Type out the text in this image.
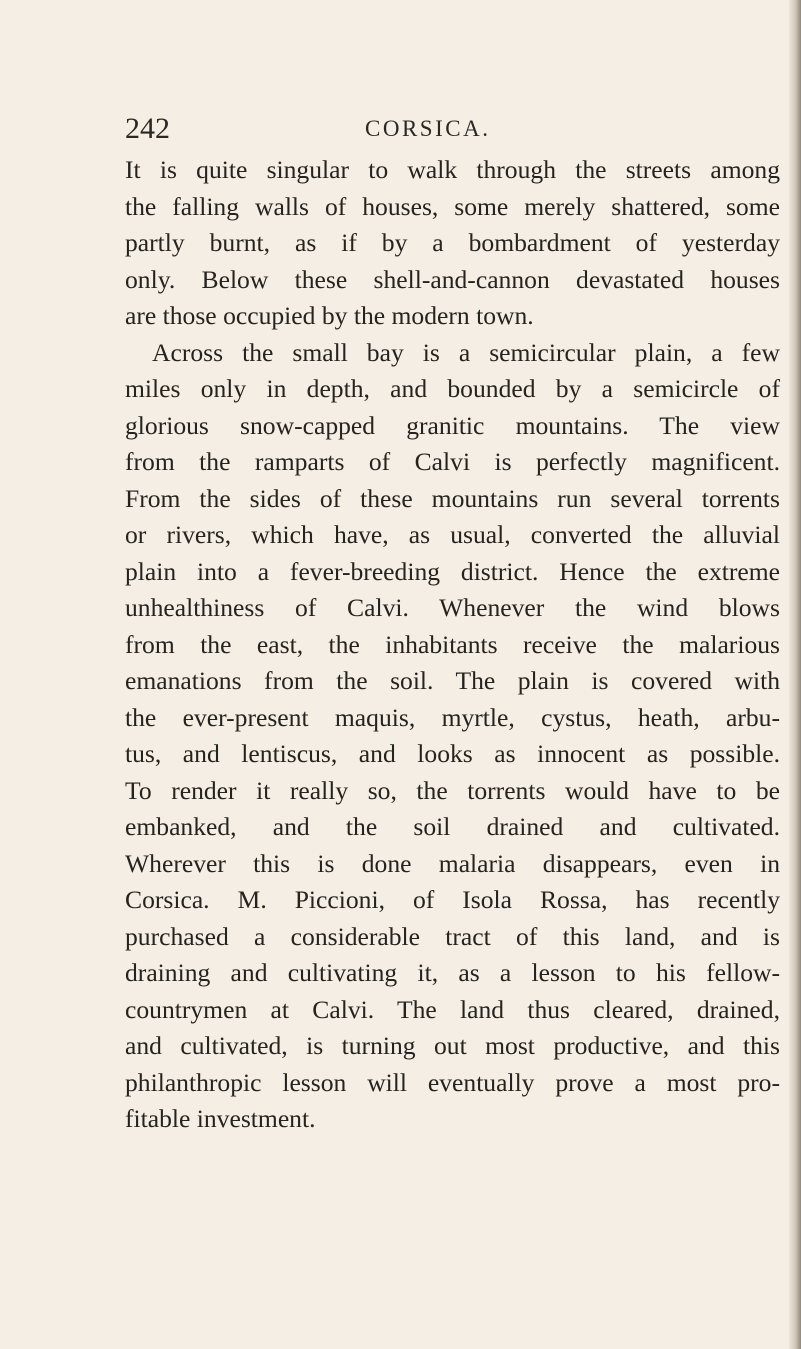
242	CORSICA.
It is quite singular to walk through the streets among
the falling walls of houses, some merely shattered, some
partly burnt, as if by a bombardment of yesterday
only. Below these shell-and-cannon devastated houses
are those occupied by the modern town.
Across the small bay is a semicircular plain, a few
miles only in depth, and bounded by a semicircle of
glorious snow-capped granitic mountains. The view
from the ramparts of Calvi is perfectly magnificent.
From the sides of these mountains run several torrents
or rivers, which have, as usual, converted the alluvial
plain into a fever-breeding district. Hence the extreme
unhealthiness of Calvi. Whenever the wind blows
from the east, the inhabitants receive the malarious
emanations from the soil. The plain is covered with
the ever-present maquis, myrtle, cystus, heath, arbu-
tus, and lentiscus, and looks as innocent as possible.
To render it really so, the torrents would have to be
embanked, and the soil drained and cultivated.
Wherever this is done malaria disappears, even in
Corsica. M. Piccioni, of Isola Rossa, has recently
purchased a considerable tract of this land, and is
draining and cultivating it, as a lesson to his fellow-
countrymen at Calvi. The land thus cleared, drained,
and cultivated, is turning out most productive, and this
philanthropic lesson will eventually prove a most pro-
fitable investment.
